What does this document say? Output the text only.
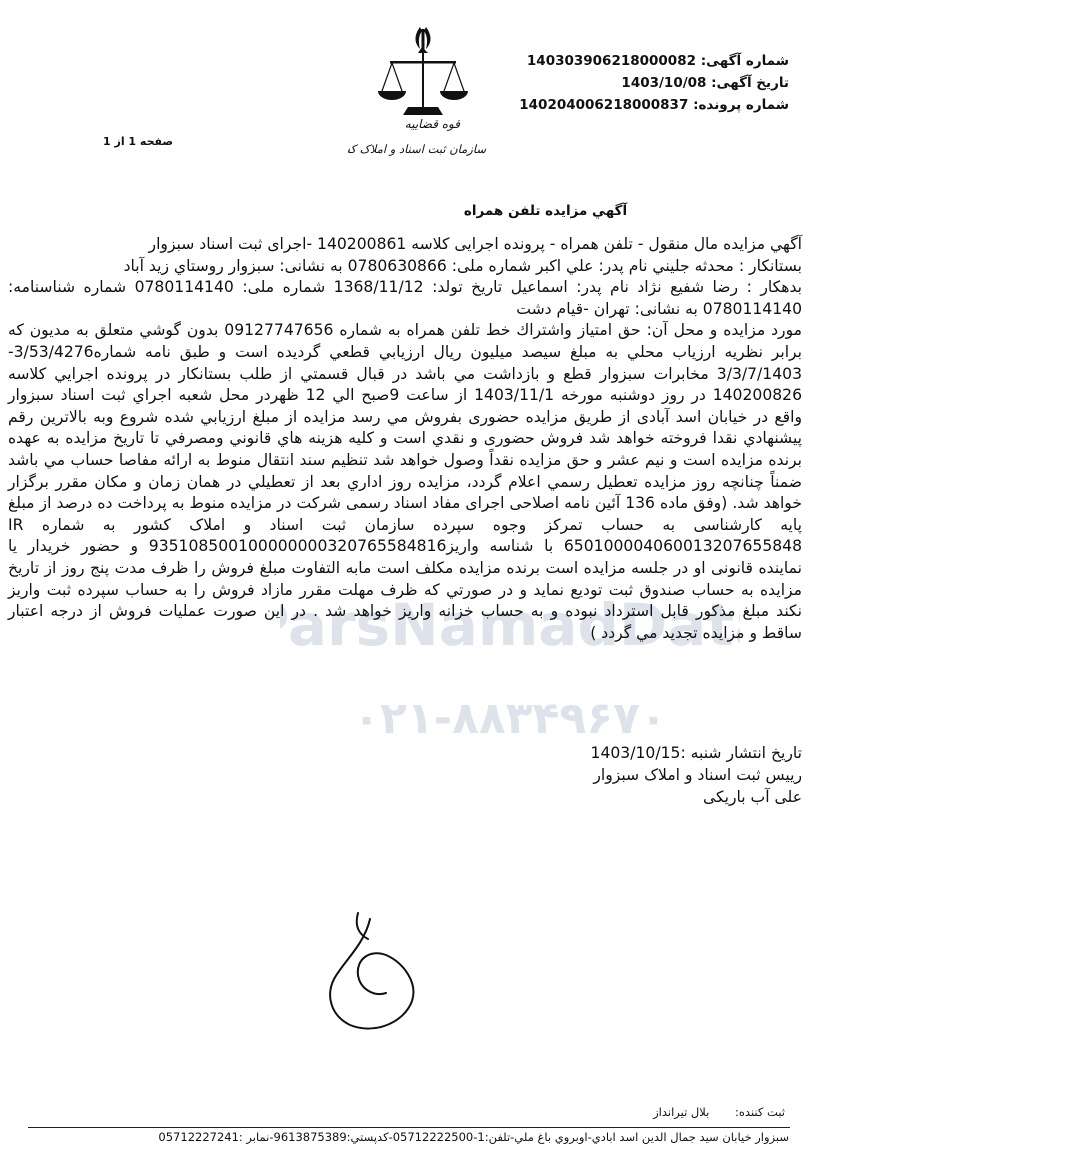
شماره آگهی: 140303906218000082
تاریخ آگهی: 1403/10/08
شماره پرونده: 140204006218000837
قوه قضاییه
سازمان ثبت اسناد و املاک ک
صفحه 1 از 1
آگهي مزايده تلفن همراه
arsNamadDat
۰۲۱-۸۸۳۴۹۶۷۰

آگهي مزايده مال منقول - تلفن همراه - پرونده اجرایی کلاسه 140200861 -اجرای ثبت اسناد سبزوار

بستانكار : محدثه جليني نام پدر: علي اكبر شماره ملی: 0780630866 به نشانی: سبزوار روستاي زيد آباد

بدهكار : رضا شفيع نژاد نام پدر: اسماعيل تاریخ تولد: 1368/11/12 شماره ملی: 0780114140 شماره شناسنامه: 0780114140 به نشانی: تهران -قيام دشت

مورد مزايده و محل آن: حق امتياز واشتراك خط تلفن همراه به شماره 09127747656 بدون گوشي متعلق به مديون كه برابر نظريه ارزياب محلي به مبلغ سيصد ميليون ريال ارزيابي قطعي گرديده است و طبق نامه شماره3/53/4276- 3/3/7/1403 مخابرات سبزوار قطع و بازداشت مي باشد در قبال قسمتي از طلب بستانكار در پرونده اجرايي كلاسه 140200826 در روز دوشنبه مورخه 1403/11/1 از ساعت 9صبح الي 12 ظهردر محل شعبه اجراي ثبت اسناد سبزوار واقع در خيابان اسد آبادی از طريق مزايده حضوری بفروش مي رسد مزايده از مبلغ ارزيابي شده شروع وبه بالاترين رقم پيشنهادي نقدا فروخته خواهد شد فروش حضوری و نقدي است و كليه هزينه هاي قانوني ومصرفي تا تاريخ مزايده به عهده برنده مزايده است و نيم عشر و حق مزايده نقداً وصول خواهد شد تنظيم سند انتقال منوط به ارائه مفاصا حساب مي باشد ضمناً چنانچه روز مزايده تعطيل رسمي اعلام گردد، مزايده روز اداري بعد از تعطيلي در همان زمان و مكان مقرر برگزار خواهد شد. (وفق ماده 136 آئين نامه اصلاحی اجرای مفاد اسناد رسمی شرکت در مزایده منوط به پرداخت ده درصد از مبلغ پایه کارشناسی به حساب تمرکز وجوه سپرده سازمان ثبت اسناد و املاک کشور به شماره IR 650100004060013207655848 با شناسه واریز935108500100000000320765584816 و حضور خریدار یا نماینده قانونی او در جلسه مزایده است برنده مزایده مکلف است مابه التفاوت مبلغ فروش را ظرف مدت پنج روز از تاریخ مزایده به حساب صندوق ثبت تودیع نماید و در صورتي كه ظرف مهلت مقرر مازاد فروش را به حساب سپرده ثبت واريز نكند مبلغ مذكور قابل استرداد نبوده و به حساب خزانه واريز خواهد شد . در اين صورت عمليات فروش از درجه اعتبار ساقط و مزايده تجديد مي گردد )

تاريخ انتشار شنبه :1403/10/15
رييس ثبت اسناد و املاک سبزوار
علی آب باریکی
ثبت كننده: بلال تيرانداز
سبزوار خيابان سيد جمال الدين اسد ابادي-اوبروي باغ ملي-تلفن:1-05712222500-كدپستي:9613875389-نمابر :05712227241
